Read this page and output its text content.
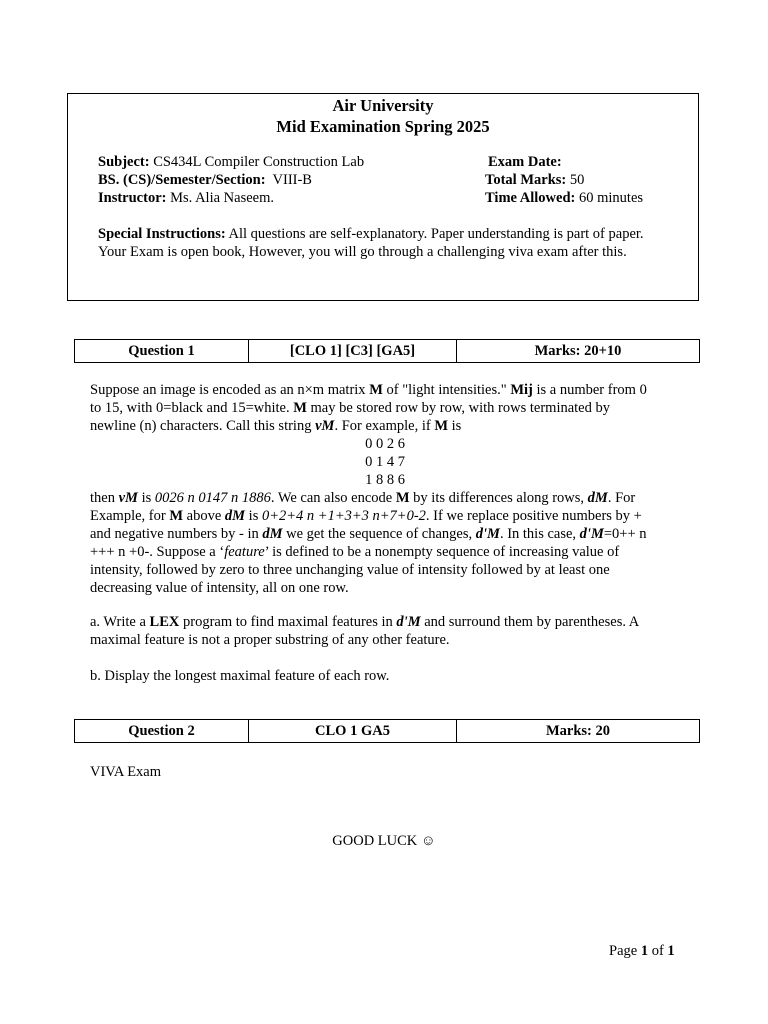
Air University
Mid Examination Spring 2025
Subject: CS434L Compiler Construction Lab
BS. (CS)/Semester/Section:  VIII-B
Instructor: Ms. Alia Naseem.
Exam Date:
Total Marks: 50
Time Allowed: 60 minutes
Special Instructions: All questions are self-explanatory. Paper understanding is part of paper.
Your Exam is open book, However, you will go through a challenging viva exam after this.
Question 1	[CLO 1] [C3] [GA5]	Marks: 20+10
Suppose an image is encoded as an n×m matrix M of "light intensities." Mij is a number from 0
to 15, with 0=black and 15=white. M may be stored row by row, with rows terminated by
newline (n) characters. Call this string vM. For example, if M is
0 0 2 6
0 1 4 7
1 8 8 6
then vM is 0026 n 0147 n 1886. We can also encode M by its differences along rows, dM. For
Example, for M above dM is 0+2+4 n +1+3+3 n+7+0-2. If we replace positive numbers by +
and negative numbers by - in dM we get the sequence of changes, d'M. In this case, d'M=0++ n
+++ n +0-. Suppose a ‘feature’ is defined to be a nonempty sequence of increasing value of
intensity, followed by zero to three unchanging value of intensity followed by at least one
decreasing value of intensity, all on one row.
a. Write a LEX program to find maximal features in d'M and surround them by parentheses. A
maximal feature is not a proper substring of any other feature.
b. Display the longest maximal feature of each row.
Question 2	CLO 1 GA5	Marks: 20
VIVA Exam
GOOD LUCK ☺
Page 1 of 1
